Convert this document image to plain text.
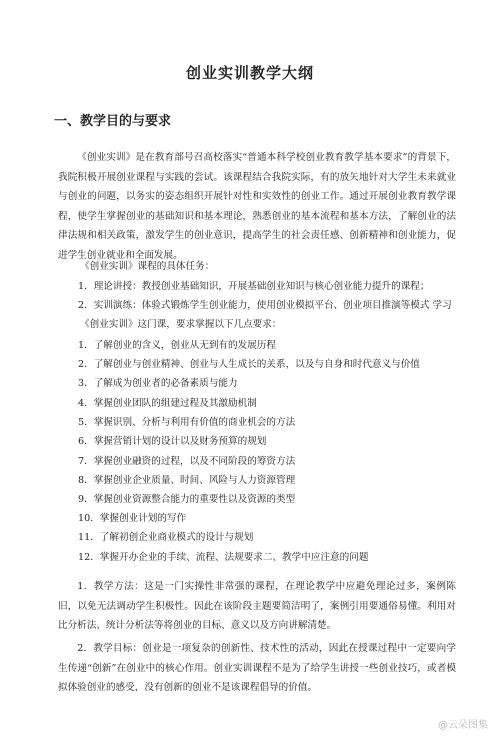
创业实训教学大纲
一、教学目的与要求
《创业实训》是在教育部号召高校落实“普通本科学校创业教育教学基本要求”的背景下，我院积极开展创业课程与实践的尝试。该课程结合我院实际，有的放矢地针对大学生未来就业与创业的问题，以务实的姿态组织开展针对性和实效性的创业工作。通过开展创业教育教学课程，使学生掌握创业的基础知识和基本理论，熟悉创业的基本流程和基本方法，了解创业的法律法规和相关政策，激发学生的创业意识，提高学生的社会责任感、创新精神和创业能力，促进学生创业就业和全面发展。
《创业实训》课程的具体任务：
1．理论讲授：教授创业基础知识，开展基础创业知识与核心创业能力提升的课程；
2．实训演练：体验式锻炼学生创业能力，使用创业模拟平台、创业项目推演等模式 学习
《创业实训》这门课，要求掌握以下几点要求：
1．了解创业的含义，创业从无到有的发展历程
2．了解创业与创业精神、创业与人生成长的关系，以及与自身和时代意义与价值
3．了解成为创业者的必备素质与能力
4．掌握创业团队的组建过程及其激励机制
5．掌握识别、分析与利用有价值的商业机会的方法
6．掌握营销计划的设计以及财务预算的规划
7．掌握创业融资的过程，以及不同阶段的筹资方法
8．掌握创业企业质量、时间、风险与人力资源管理
9．掌握创业资源整合能力的重要性以及资源的类型
10．掌握创业计划的写作
11．了解初创企业商业模式的设计与规划
12．掌握开办企业的手续、流程、法规要求二、教学中应注意的问题
1．教学方法：这是一门实操性非常强的课程，在理论教学中应避免理论过多，案例陈旧，以免无法调动学生积极性。因此在该阶段主题要简洁明了，案例引用要通俗易懂。利用对比分析法、统计分析法等将创业的目标、意义以及方向讲解清楚。
2．教学目标：创业是一项复杂的创新性、技术性的活动，因此在授课过程中一定要向学生传递“创新”在创业中的核心作用。创业实训课程不是为了给学生讲授一些创业技巧，或者模拟体验创业的感受，没有创新的创业不是该课程倡导的价值。
@云朵图集
